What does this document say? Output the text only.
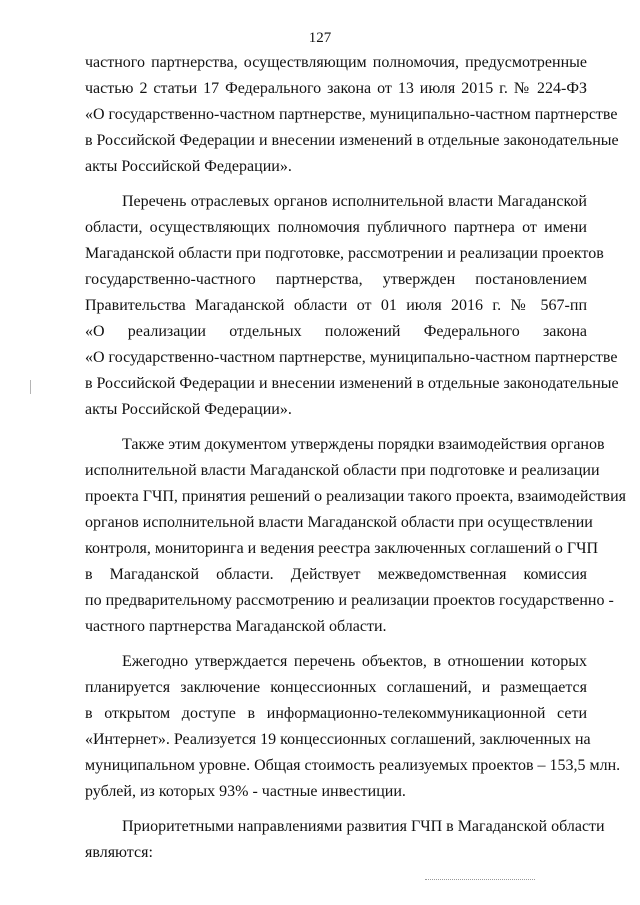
127
частного партнерства, осуществляющим полномочия, предусмотренные
частью 2 статьи 17 Федерального закона от 13 июля 2015 г. № 224-ФЗ
«О государственно-частном партнерстве, муниципально-частном партнерстве
в Российской Федерации и внесении изменений в отдельные законодательные
акты Российской Федерации».
Перечень отраслевых органов исполнительной власти Магаданской
области, осуществляющих полномочия публичного партнера от имени
Магаданской области при подготовке, рассмотрении и реализации проектов
государственно-частного партнерства, утвержден постановлением
Правительства Магаданской области от 01 июля 2016 г. № 567-пп
«О реализации отдельных положений Федерального закона
«О государственно-частном партнерстве, муниципально-частном партнерстве
в Российской Федерации и внесении изменений в отдельные законодательные
акты Российской Федерации».
Также этим документом утверждены порядки взаимодействия органов
исполнительной власти Магаданской области при подготовке и реализации
проекта ГЧП, принятия решений о реализации такого проекта, взаимодействия
органов исполнительной власти Магаданской области при осуществлении
контроля, мониторинга и ведения реестра заключенных соглашений о ГЧП
в Магаданской области. Действует межведомственная комиссия
по предварительному рассмотрению и реализации проектов государственно -
частного партнерства Магаданской области.
Ежегодно утверждается перечень объектов, в отношении которых
планируется заключение концессионных соглашений, и размещается
в открытом доступе в информационно-телекоммуникационной сети
«Интернет». Реализуется 19 концессионных соглашений, заключенных на
муниципальном уровне. Общая стоимость реализуемых проектов – 153,5 млн.
рублей, из которых 93% - частные инвестиции.
Приоритетными направлениями развития ГЧП в Магаданской области
являются:
